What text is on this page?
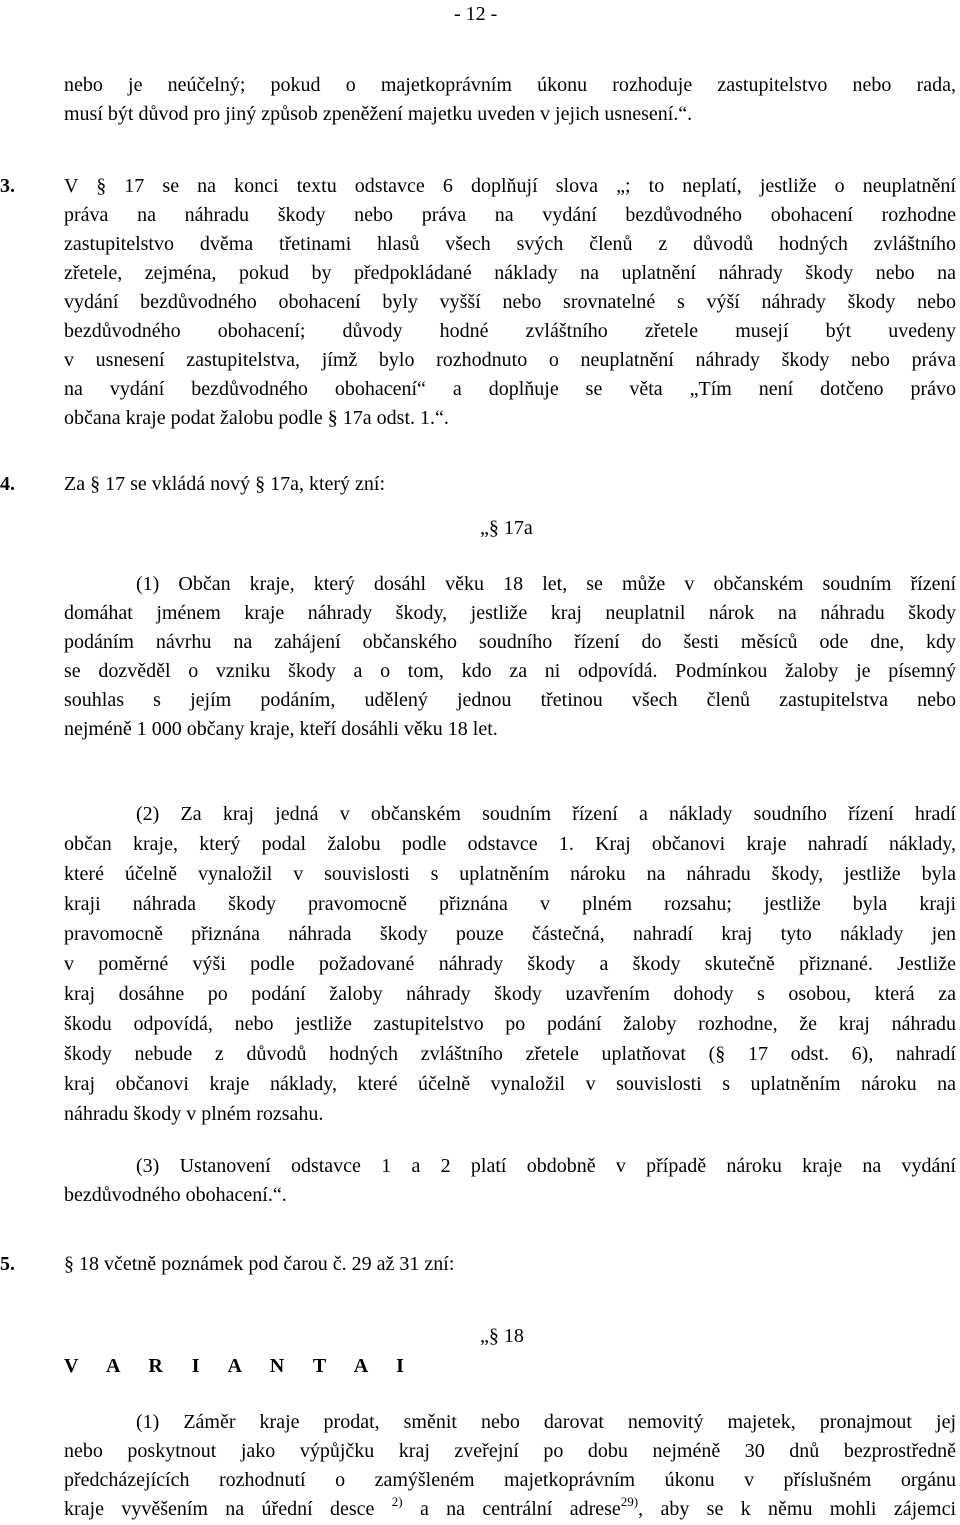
- 12 -
nebo je neúčelný; pokud o majetkoprávním úkonu rozhoduje zastupitelstvo nebo rada,
musí být důvod pro jiný způsob zpeněžení majetku uveden v jejich usnesení.“.
3. V § 17 se na konci textu odstavce 6 doplňují slova „; to neplatí, jestliže o neuplatnění
práva na náhradu škody nebo práva na vydání bezdůvodného obohacení rozhodne
zastupitelstvo dvěma třetinami hlasů všech svých členů z důvodů hodných zvláštního
zřetele, zejména, pokud by předpokládané náklady na uplatnění náhrady škody nebo na
vydání bezdůvodného obohacení byly vyšší nebo srovnatelné s výší náhrady škody nebo
bezdůvodného obohacení; důvody hodné zvláštního zřetele musejí být uvedeny
v usnesení zastupitelstva, jímž bylo rozhodnuto o neuplatnění náhrady škody nebo práva
na vydání bezdůvodného obohacení“ a doplňuje se věta „Tím není dotčeno právo
občana kraje podat žalobu podle § 17a odst. 1.“.
4. Za § 17 se vkládá nový § 17a, který zní:
„§ 17a
(1) Občan kraje, který dosáhl věku 18 let, se může v občanském soudním řízení
domáhat jménem kraje náhrady škody, jestliže kraj neuplatnil nárok na náhradu škody
podáním návrhu na zahájení občanského soudního řízení do šesti měsíců ode dne, kdy
se dozvěděl o vzniku škody a o tom, kdo za ni odpovídá. Podmínkou žaloby je písemný
souhlas s jejím podáním, udělený jednou třetinou všech členů zastupitelstva nebo
nejméně 1 000 občany kraje, kteří dosáhli věku 18 let.
(2) Za kraj jedná v občanském soudním řízení a náklady soudního řízení hradí
občan kraje, který podal žalobu podle odstavce 1. Kraj občanovi kraje nahradí náklady,
které účelně vynaložil v souvislosti s uplatněním nároku na náhradu škody, jestliže byla
kraji náhrada škody pravomocně přiznána v plném rozsahu; jestliže byla kraji
pravomocně přiznána náhrada škody pouze částečná, nahradí kraj tyto náklady jen
v poměrné výši podle požadované náhrady škody a škody skutečně přiznané. Jestliže
kraj dosáhne po podání žaloby náhrady škody uzavřením dohody s osobou, která za
škodu odpovídá, nebo jestliže zastupitelstvo po podání žaloby rozhodne, že kraj náhradu
škody nebude z důvodů hodných zvláštního zřetele uplatňovat (§ 17 odst. 6), nahradí
kraj občanovi kraje náklady, které účelně vynaložil v souvislosti s uplatněním nároku na
náhradu škody v plném rozsahu.
(3) Ustanovení odstavce 1 a 2 platí obdobně v případě nároku kraje na vydání
bezdůvodného obohacení.“.
5. § 18 včetně poznámek pod čarou č. 29 až 31 zní:
„§ 18
V A R I A N T A I
(1) Záměr kraje prodat, směnit nebo darovat nemovitý majetek, pronajmout jej
nebo poskytnout jako výpůjčku kraj zveřejní po dobu nejméně 30 dnů bezprostředně
předcházejících rozhodnutí o zamýšleném majetkoprávním úkonu v příslušném orgánu
kraje vyvěšením na úřední desce $^{2)}$ a na centrální adrese$^{29)}$, aby se k němu mohli zájemci
